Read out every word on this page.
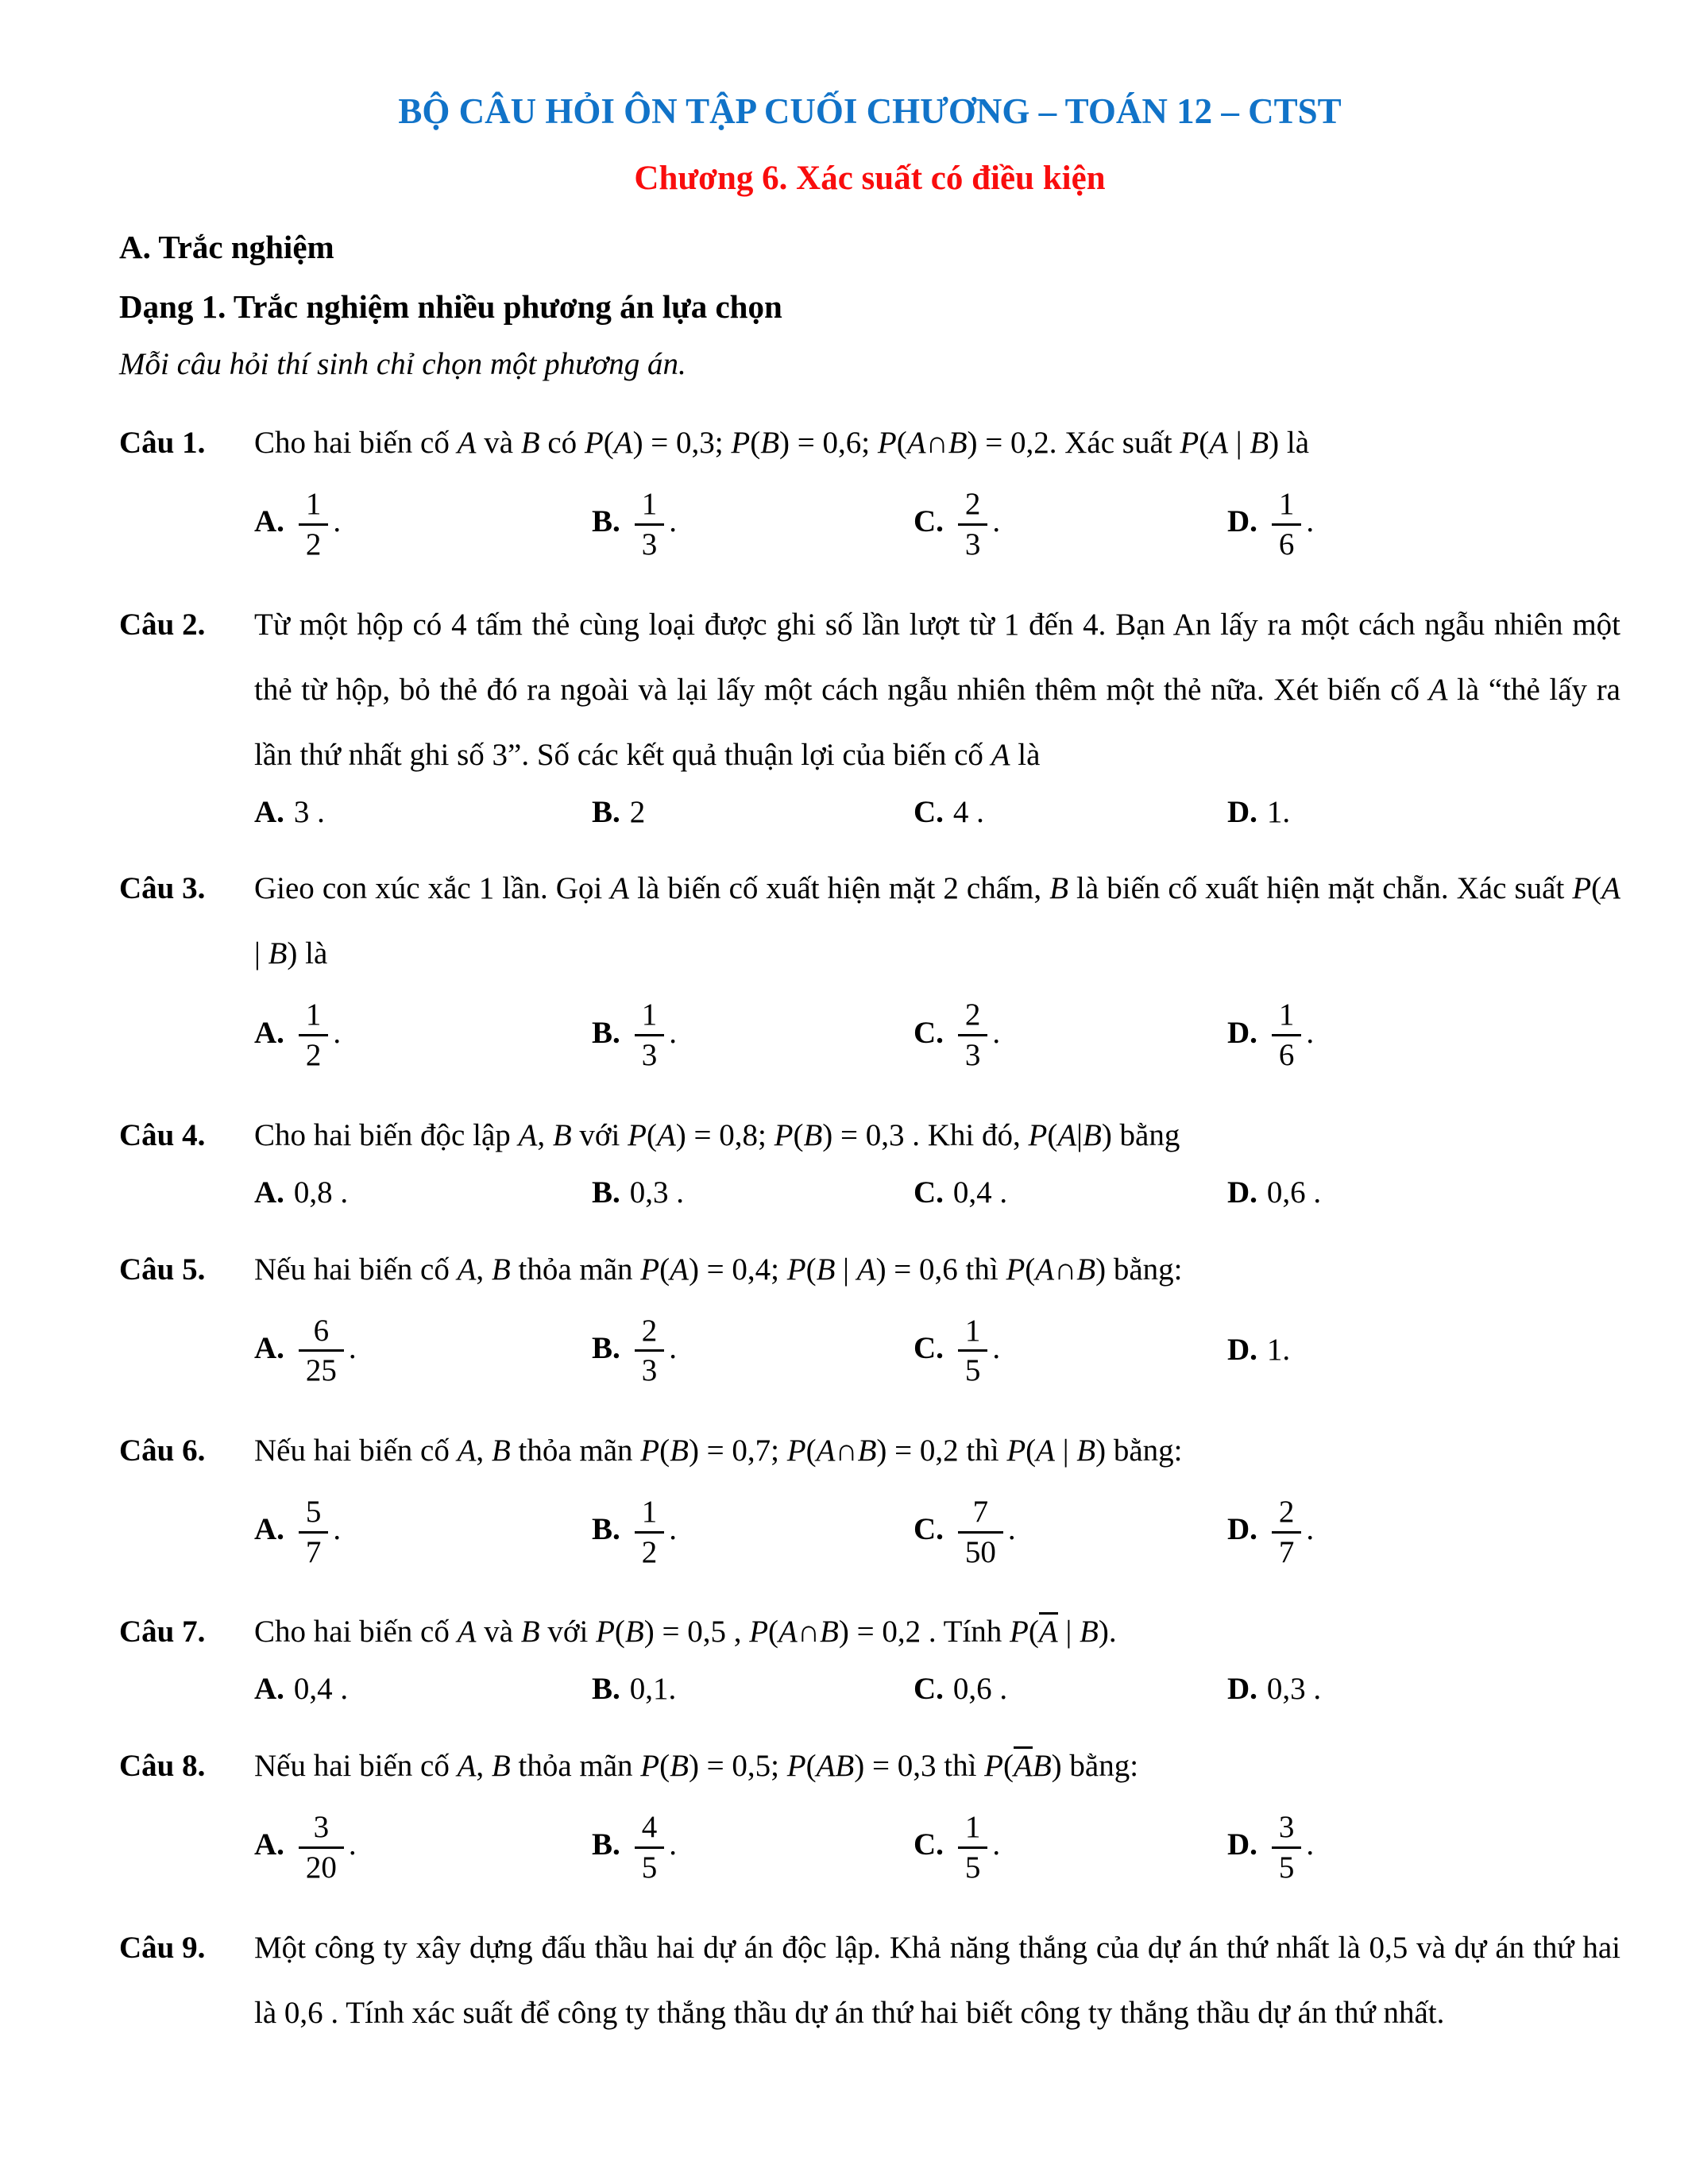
BỘ CÂU HỎI ÔN TẬP CUỐI CHƯƠNG – TOÁN 12 – CTST
Chương 6. Xác suất có điều kiện
A. Trắc nghiệm
Dạng 1. Trắc nghiệm nhiều phương án lựa chọn
Mỗi câu hỏi thí sinh chỉ chọn một phương án.
Câu 1. Cho hai biến cố A và B có P(A) = 0,3; P(B) = 0,6; P(A∩B) = 0,2. Xác suất P(A | B) là
A. $\frac{1}{2}$ .	B. $\frac{1}{3}$ .	C. $\frac{2}{3}$ .	D. $\frac{1}{6}$ .
Câu 2. Từ một hộp có 4 tấm thẻ cùng loại được ghi số lần lượt từ 1 đến 4. Bạn An lấy ra một cách ngẫu nhiên một thẻ từ hộp, bỏ thẻ đó ra ngoài và lại lấy một cách ngẫu nhiên thêm một thẻ nữa. Xét biến cố A là “thẻ lấy ra lần thứ nhất ghi số 3”. Số các kết quả thuận lợi của biến cố A là
A. 3 .	B. 2	C. 4 .	D. 1.
Câu 3. Gieo con xúc xắc 1 lần. Gọi A là biến cố xuất hiện mặt 2 chấm, B là biến cố xuất hiện mặt chẵn. Xác suất P(A | B) là
A. $\frac{1}{2}$ .	B. $\frac{1}{3}$ .	C. $\frac{2}{3}$ .	D. $\frac{1}{6}$ .
Câu 4. Cho hai biến độc lập A, B với P(A) = 0,8; P(B) = 0,3 . Khi đó, P(A|B) bằng
A. 0,8 .	B. 0,3 .	C. 0,4 .	D. 0,6 .
Câu 5. Nếu hai biến cố A, B thỏa mãn P(A) = 0,4; P(B | A) = 0,6 thì P(A∩B) bằng:
A. $\frac{6}{25}$ .	B. $\frac{2}{3}$ .	C. $\frac{1}{5}$ .	D. 1.
Câu 6. Nếu hai biến cố A, B thỏa mãn P(B) = 0,7; P(A∩B) = 0,2 thì P(A | B) bằng:
A. $\frac{5}{7}$ .	B. $\frac{1}{2}$ .	C. $\frac{7}{50}$ .	D. $\frac{2}{7}$ .
Câu 7. Cho hai biến cố A và B với P(B) = 0,5 , P(A∩B) = 0,2 . Tính P(A | B).
A. 0,4 .	B. 0,1.	C. 0,6 .	D. 0,3 .
Câu 8. Nếu hai biến cố A, B thỏa mãn P(B) = 0,5; P(AB) = 0,3 thì P(AB) bằng:
A. $\frac{3}{20}$ .	B. $\frac{4}{5}$ .	C. $\frac{1}{5}$ .	D. $\frac{3}{5}$ .
Câu 9. Một công ty xây dựng đấu thầu hai dự án độc lập. Khả năng thắng của dự án thứ nhất là 0,5 và dự án thứ hai là 0,6 . Tính xác suất để công ty thắng thầu dự án thứ hai biết công ty thắng thầu dự án thứ nhất.
